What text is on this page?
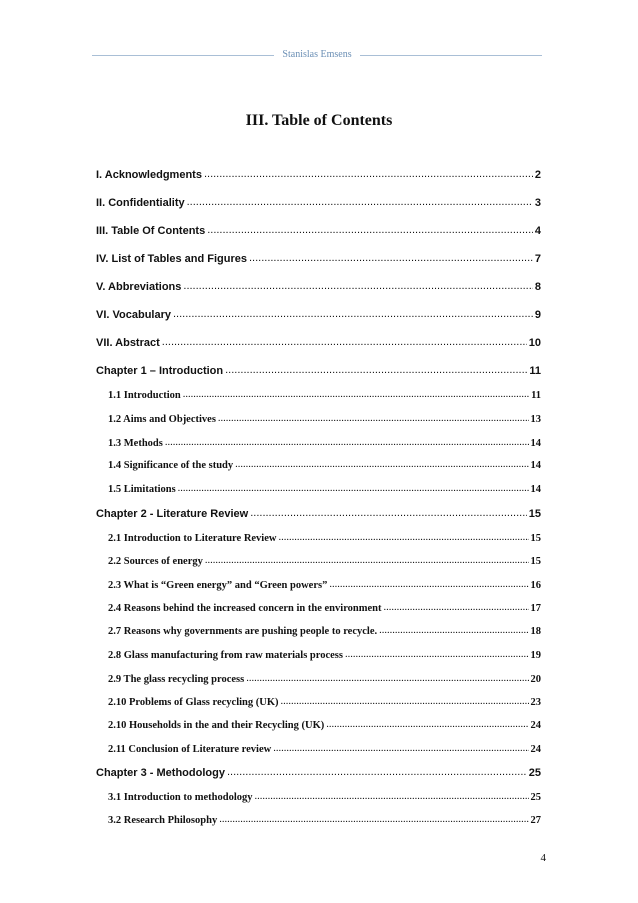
Stanislas Emsens
III. Table of Contents
I. Acknowledgments .....	2
II. Confidentiality .....	3
III. Table Of Contents .....	4
IV. List of Tables and Figures .....	7
V. Abbreviations .....	8
VI. Vocabulary .....	9
VII. Abstract .....	10
Chapter 1 – Introduction .....	11
1.1 Introduction .....	11
1.2 Aims and Objectives .....	13
1.3 Methods .....	14
1.4 Significance of the study .....	14
1.5 Limitations .....	14
Chapter 2 - Literature Review .....	15
2.1 Introduction to Literature Review .....	15
2.2 Sources of energy .....	15
2.3 What is “Green energy” and “Green powers” .....	16
2.4 Reasons behind the increased concern in the environment .....	17
2.7 Reasons why governments are pushing people to recycle. .....	18
2.8 Glass manufacturing from raw materials process .....	19
2.9 The glass recycling process .....	20
2.10 Problems of Glass recycling (UK) .....	23
2.10 Households in the and their Recycling (UK) .....	24
2.11 Conclusion of Literature review .....	24
Chapter 3 - Methodology .....	25
3.1 Introduction to methodology .....	25
3.2 Research Philosophy .....	27
4
